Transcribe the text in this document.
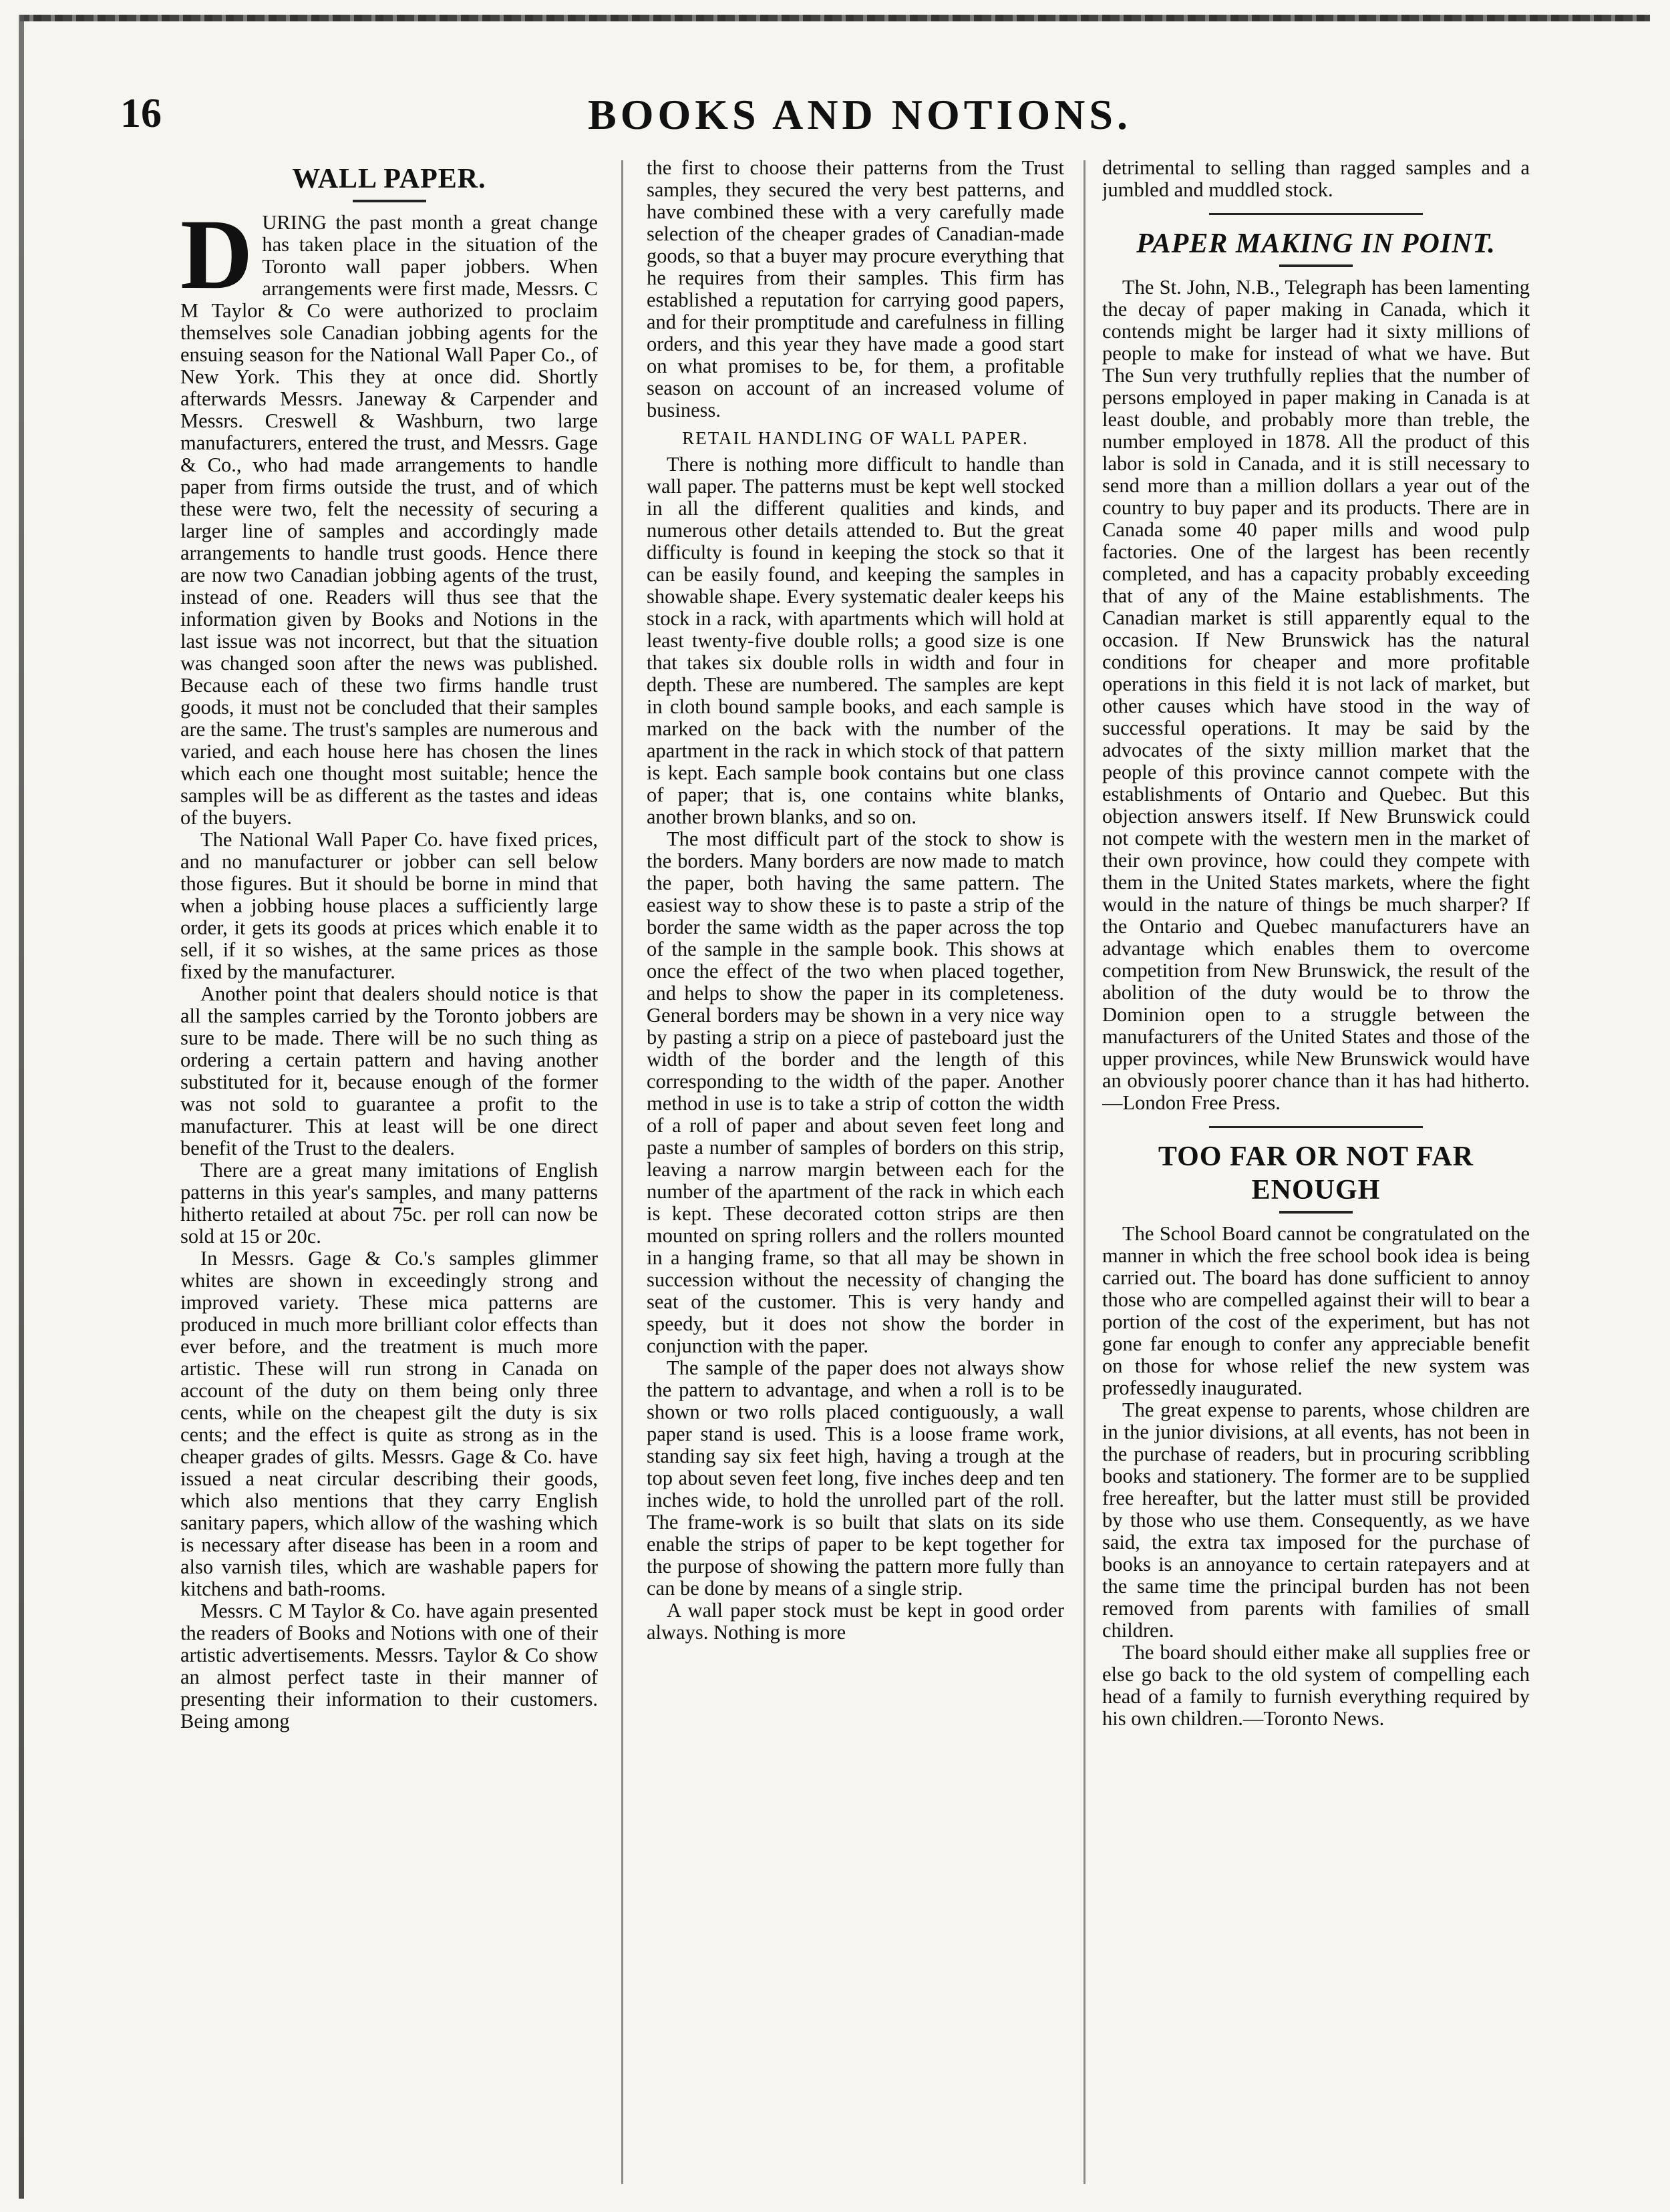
16	BOOKS AND NOTIONS.
WALL PAPER.

DURING the past month a great change has taken place in the situation of the Toronto wall paper jobbers. When arrangements were first made, Messrs. C M Taylor & Co were authorized to proclaim themselves sole Canadian jobbing agents for the ensuing season for the National Wall Paper Co., of New York. This they at once did. Shortly afterwards Messrs. Janeway & Carpender and Messrs. Creswell & Washburn, two large manufacturers, entered the trust, and Messrs. Gage & Co., who had made arrangements to handle paper from firms outside the trust, and of which these were two, felt the necessity of securing a larger line of samples and accordingly made arrangements to handle trust goods. Hence there are now two Canadian jobbing agents of the trust, instead of one. Readers will thus see that the information given by Books and Notions in the last issue was not incorrect, but that the situation was changed soon after the news was published. Because each of these two firms handle trust goods, it must not be concluded that their samples are the same. The trust's samples are numerous and varied, and each house here has chosen the lines which each one thought most suitable; hence the samples will be as different as the tastes and ideas of the buyers.

The National Wall Paper Co. have fixed prices, and no manufacturer or jobber can sell below those figures. But it should be borne in mind that when a jobbing house places a sufficiently large order, it gets its goods at prices which enable it to sell, if it so wishes, at the same prices as those fixed by the manufacturer.

Another point that dealers should notice is that all the samples carried by the Toronto jobbers are sure to be made. There will be no such thing as ordering a certain pattern and having another substituted for it, because enough of the former was not sold to guarantee a profit to the manufacturer. This at least will be one direct benefit of the Trust to the dealers.

There are a great many imitations of English patterns in this year's samples, and many patterns hitherto retailed at about 75c. per roll can now be sold at 15 or 20c.

In Messrs. Gage & Co.'s samples glimmer whites are shown in exceedingly strong and improved variety. These mica patterns are produced in much more brilliant color effects than ever before, and the treatment is much more artistic. These will run strong in Canada on account of the duty on them being only three cents, while on the cheapest gilt the duty is six cents; and the effect is quite as strong as in the cheaper grades of gilts. Messrs. Gage & Co. have issued a neat circular describing their goods, which also mentions that they carry English sanitary papers, which allow of the washing which is necessary after disease has been in a room and also varnish tiles, which are washable papers for kitchens and bath-rooms.

Messrs. C M Taylor & Co. have again presented the readers of Books and Notions with one of their artistic advertisements. Messrs. Taylor & Co show an almost perfect taste in their manner of presenting their information to their customers. Being among

the first to choose their patterns from the Trust samples, they secured the very best patterns, and have combined these with a very carefully made selection of the cheaper grades of Canadian-made goods, so that a buyer may procure everything that he requires from their samples. This firm has established a reputation for carrying good papers, and for their promptitude and carefulness in filling orders, and this year they have made a good start on what promises to be, for them, a profitable season on account of an increased volume of business.

RETAIL HANDLING OF WALL PAPER.

There is nothing more difficult to handle than wall paper. The patterns must be kept well stocked in all the different qualities and kinds, and numerous other details attended to. But the great difficulty is found in keeping the stock so that it can be easily found, and keeping the samples in showable shape. Every systematic dealer keeps his stock in a rack, with apartments which will hold at least twenty-five double rolls; a good size is one that takes six double rolls in width and four in depth. These are numbered. The samples are kept in cloth bound sample books, and each sample is marked on the back with the number of the apartment in the rack in which stock of that pattern is kept. Each sample book contains but one class of paper; that is, one contains white blanks, another brown blanks, and so on.

The most difficult part of the stock to show is the borders. Many borders are now made to match the paper, both having the same pattern. The easiest way to show these is to paste a strip of the border the same width as the paper across the top of the sample in the sample book. This shows at once the effect of the two when placed together, and helps to show the paper in its completeness. General borders may be shown in a very nice way by pasting a strip on a piece of pasteboard just the width of the border and the length of this corresponding to the width of the paper. Another method in use is to take a strip of cotton the width of a roll of paper and about seven feet long and paste a number of samples of borders on this strip, leaving a narrow margin between each for the number of the apartment of the rack in which each is kept. These decorated cotton strips are then mounted on spring rollers and the rollers mounted in a hanging frame, so that all may be shown in succession without the necessity of changing the seat of the customer. This is very handy and speedy, but it does not show the border in conjunction with the paper.

The sample of the paper does not always show the pattern to advantage, and when a roll is to be shown or two rolls placed contiguously, a wall paper stand is used. This is a loose frame work, standing say six feet high, having a trough at the top about seven feet long, five inches deep and ten inches wide, to hold the unrolled part of the roll. The frame-work is so built that slats on its side enable the strips of paper to be kept together for the purpose of showing the pattern more fully than can be done by means of a single strip.

A wall paper stock must be kept in good order always. Nothing is more

detrimental to selling than ragged samples and a jumbled and muddled stock.

PAPER MAKING IN POINT.

The St. John, N.B., Telegraph has been lamenting the decay of paper making in Canada, which it contends might be larger had it sixty millions of people to make for instead of what we have. But The Sun very truthfully replies that the number of persons employed in paper making in Canada is at least double, and probably more than treble, the number employed in 1878. All the product of this labor is sold in Canada, and it is still necessary to send more than a million dollars a year out of the country to buy paper and its products. There are in Canada some 40 paper mills and wood pulp factories. One of the largest has been recently completed, and has a capacity probably exceeding that of any of the Maine establishments. The Canadian market is still apparently equal to the occasion. If New Brunswick has the natural conditions for cheaper and more profitable operations in this field it is not lack of market, but other causes which have stood in the way of successful operations. It may be said by the advocates of the sixty million market that the people of this province cannot compete with the establishments of Ontario and Quebec. But this objection answers itself. If New Brunswick could not compete with the western men in the market of their own province, how could they compete with them in the United States markets, where the fight would in the nature of things be much sharper? If the Ontario and Quebec manufacturers have an advantage which enables them to overcome competition from New Brunswick, the result of the abolition of the duty would be to throw the Dominion open to a struggle between the manufacturers of the United States and those of the upper provinces, while New Brunswick would have an obviously poorer chance than it has had hitherto.—London Free Press.

TOO FAR OR NOT FAR ENOUGH

The School Board cannot be congratulated on the manner in which the free school book idea is being carried out. The board has done sufficient to annoy those who are compelled against their will to bear a portion of the cost of the experiment, but has not gone far enough to confer any appreciable benefit on those for whose relief the new system was professedly inaugurated.

The great expense to parents, whose children are in the junior divisions, at all events, has not been in the purchase of readers, but in procuring scribbling books and stationery. The former are to be supplied free hereafter, but the latter must still be provided by those who use them. Consequently, as we have said, the extra tax imposed for the purchase of books is an annoyance to certain ratepayers and at the same time the principal burden has not been removed from parents with families of small children.

The board should either make all supplies free or else go back to the old system of compelling each head of a family to furnish everything required by his own children.—Toronto News.
